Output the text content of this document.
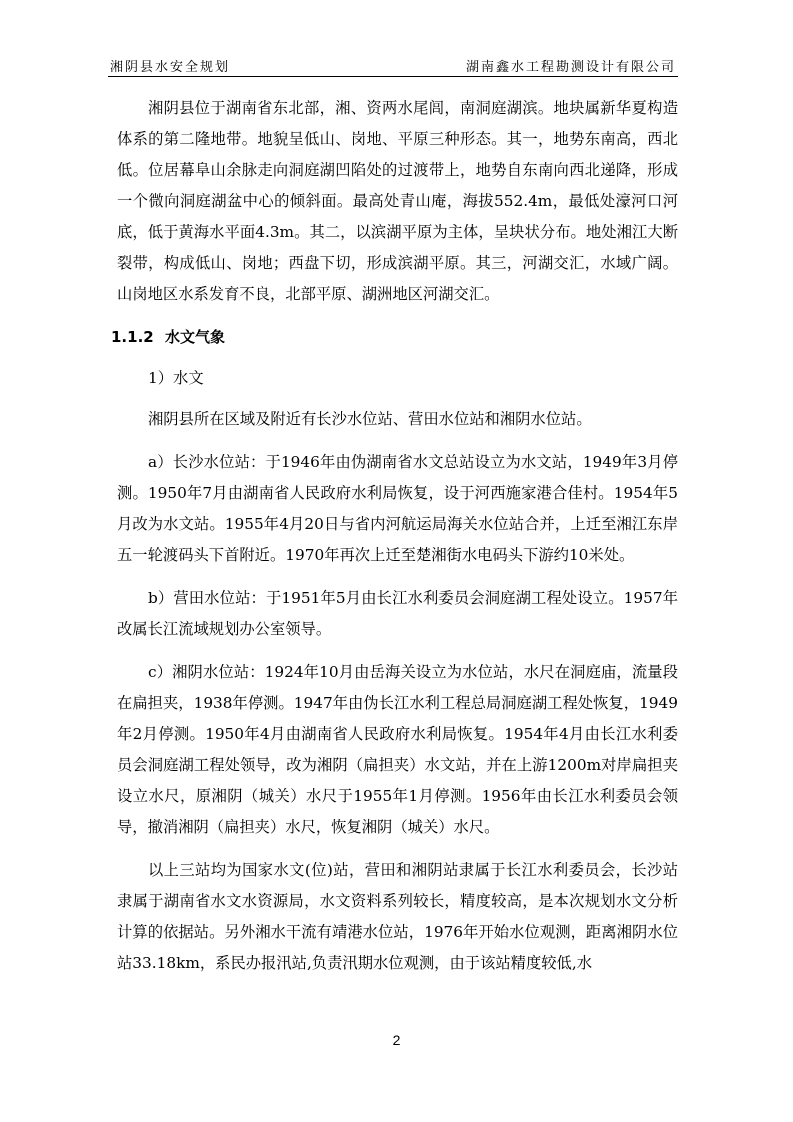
湘阴县水安全规划	湖南鑫水工程勘测设计有限公司

湘阴县位于湖南省东北部，湘、资两水尾闾，南洞庭湖滨。地块属新华夏构造体系的第二隆地带。地貌呈低山、岗地、平原三种形态。其一，地势东南高，西北低。位居幕阜山余脉走向洞庭湖凹陷处的过渡带上，地势自东南向西北递降，形成一个微向洞庭湖盆中心的倾斜面。最高处青山庵，海拔552.4m，最低处濠河口河底，低于黄海水平面4.3m。其二，以滨湖平原为主体，呈块状分布。地处湘江大断裂带，构成低山、岗地；西盘下切，形成滨湖平原。其三，河湖交汇，水域广阔。山岗地区水系发育不良，北部平原、湖洲地区河湖交汇。

1.1.2 水文气象
1）水文

湘阴县所在区域及附近有长沙水位站、营田水位站和湘阴水位站。

a）长沙水位站：于1946年由伪湖南省水文总站设立为水文站，1949年3月停测。1950年7月由湖南省人民政府水利局恢复，设于河西施家港合佳村。1954年5月改为水文站。1955年4月20日与省内河航运局海关水位站合并，上迁至湘江东岸五一轮渡码头下首附近。1970年再次上迁至楚湘街水电码头下游约10米处。

b）营田水位站：于1951年5月由长江水利委员会洞庭湖工程处设立。1957年改属长江流域规划办公室领导。

c）湘阴水位站：1924年10月由岳海关设立为水位站，水尺在洞庭庙，流量段在扁担夹，1938年停测。1947年由伪长江水利工程总局洞庭湖工程处恢复，1949年2月停测。1950年4月由湖南省人民政府水利局恢复。1954年4月由长江水利委员会洞庭湖工程处领导，改为湘阴（扁担夹）水文站，并在上游1200m对岸扁担夹设立水尺，原湘阴（城关）水尺于1955年1月停测。1956年由长江水利委员会领导，撤消湘阴（扁担夹）水尺，恢复湘阴（城关）水尺。

以上三站均为国家水文(位)站，营田和湘阴站隶属于长江水利委员会，长沙站隶属于湖南省水文水资源局，水文资料系列较长，精度较高，是本次规划水文分析计算的依据站。另外湘水干流有靖港水位站，1976年开始水位观测，距离湘阴水位站33.18km，系民办报汛站,负责汛期水位观测，由于该站精度较低,水

2
